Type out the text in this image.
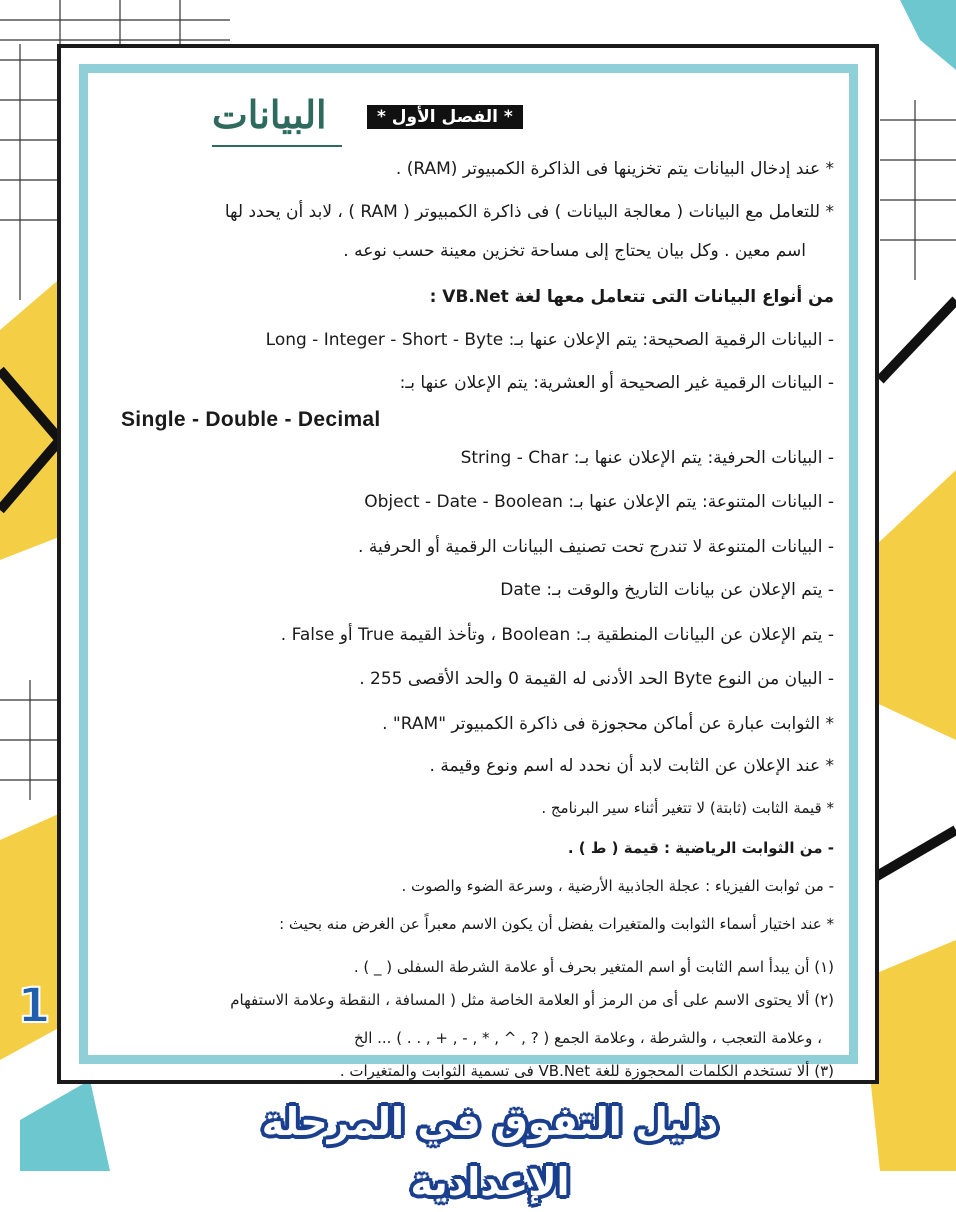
* الفصل الأول *
البيانات
* عند إدخال البيانات يتم تخزينها فى الذاكرة الكمبيوتر (RAM) .
* للتعامل مع البيانات ( معالجة البيانات ) فى ذاكرة الكمبيوتر ( RAM ) ، لابد أن يحدد لها
اسم معين . وكل بيان يحتاج إلى مساحة تخزين معينة حسب نوعه .
من أنواع البيانات التى تتعامل معها لغة VB.Net :
- البيانات الرقمية الصحيحة: يتم الإعلان عنها بـ: Long - Integer - Short - Byte
- البيانات الرقمية غير الصحيحة أو العشرية: يتم الإعلان عنها بـ:
Single - Double - Decimal
- البيانات الحرفية: يتم الإعلان عنها بـ: String - Char
- البيانات المتنوعة: يتم الإعلان عنها بـ: Object - Date - Boolean
- البيانات المتنوعة لا تندرج تحت تصنيف البيانات الرقمية أو الحرفية .
- يتم الإعلان عن بيانات التاريخ والوقت بـ: Date
- يتم الإعلان عن البيانات المنطقية بـ: Boolean ، وتأخذ القيمة True أو False .
- البيان من النوع Byte الحد الأدنى له القيمة 0 والحد الأقصى 255 .
* الثوابت عبارة عن أماكن محجوزة فى ذاكرة الكمبيوتر "RAM" .
* عند الإعلان عن الثابت لابد أن نحدد له اسم ونوع وقيمة .
* قيمة الثابت (ثابتة) لا تتغير أثناء سير البرنامج .
- من الثوابت الرياضية : قيمة ( ط ) .
- من ثوابت الفيزياء : عجلة الجاذبية الأرضية ، وسرعة الضوء والصوت .
* عند اختيار أسماء الثوابت والمتغيرات يفضل أن يكون الاسم معبراً عن الغرض منه بحيث :
(١) أن يبدأ اسم الثابت أو اسم المتغير بحرف أو علامة الشرطة السفلى ( _ ) .
(٢) ألا يحتوى الاسم على أى من الرمز أو العلامة الخاصة مثل ( المسافة ، النقطة وعلامة الاستفهام
، وعلامة التعجب ، والشرطة ، وعلامة الجمع ( ? , ^ , * , - , + , . . ) ... الخ
(٣) ألا تستخدم الكلمات المحجوزة للغة VB.Net فى تسمية الثوابت والمتغيرات .
1
دليل التفوق في المرحلة الإعدادية
